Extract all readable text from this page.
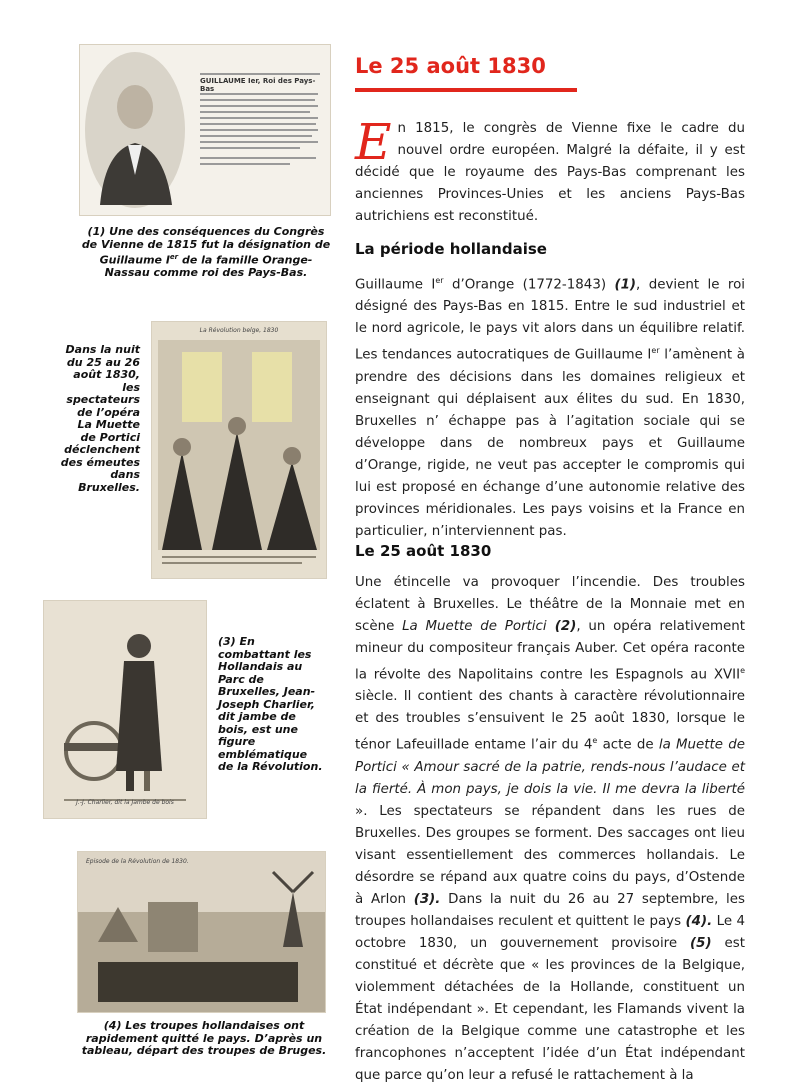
GUILLAUME Ier, Roi des Pays-Bas
La Révolution belge, 1830
J.-J. Charlier, dit la Jambe de bois
Episode de la Révolution de 1830.
(1) Une des conséquences du Congrès de Vienne de 1815 fut la désignation de Guillaume Ier de la famille Orange-Nassau comme roi des Pays-Bas.
Dans la nuit du 25 au 26 août 1830, les spectateurs de l’opéra La Muette de Portici déclenchent des émeutes dans Bruxelles.
(3) En combattant les Hollandais au Parc de Bruxelles, Jean-Joseph Charlier, dit jambe de bois, est une figure emblématique de la Révolution.
(4) Les troupes hollandaises ont rapidement quitté le pays. D’après un tableau, départ des troupes de Bruges.
Le 25 août 1830

En 1815, le congrès de Vienne fixe le cadre du nouvel ordre européen. Malgré la défaite, il y est décidé que le royaume des Pays-Bas comprenant les anciennes Provinces-Unies et les anciens Pays-Bas autrichiens est reconstitué.

La période hollandaise

Guillaume Ier d’Orange (1772-1843) (1), devient le roi désigné des Pays-Bas en 1815. Entre le sud industriel et le nord agricole, le pays vit alors dans un équilibre relatif. Les tendances autocratiques de Guillaume Ier l’amènent à prendre des décisions dans les domaines religieux et enseignant qui déplaisent aux élites du sud. En 1830, Bruxelles n’ échappe pas à l’agitation sociale qui se développe dans de nombreux pays et Guillaume d’Orange, rigide, ne veut pas accepter le compromis qui lui est proposé en échange d’une autonomie relative des provinces méridionales. Les pays voisins et la France en particulier, n’interviennent pas.

Le 25 août 1830

Une étincelle va provoquer l’incendie. Des troubles éclatent à Bruxelles. Le théâtre de la Monnaie met en scène La Muette de Portici (2), un opéra relativement mineur du compositeur français Auber. Cet opéra raconte la révolte des Napolitains contre les Espagnols au XVIIe siècle. Il contient des chants à caractère révolutionnaire et des troubles s’ensuivent le 25 août 1830, lorsque le ténor Lafeuillade entame l’air du 4e acte de la Muette de Portici « Amour sacré de la patrie, rends-nous l’audace et la fierté. À mon pays, je dois la vie. Il me devra la liberté ». Les spectateurs se répandent dans les rues de Bruxelles. Des groupes se forment. Des saccages ont lieu visant essentiellement des commerces hollandais. Le désordre se répand aux quatre coins du pays, d’Ostende à Arlon (3). Dans la nuit du 26 au 27 septembre, les troupes hollandaises reculent et quittent le pays (4). Le 4 octobre 1830, un gouvernement provisoire (5) est constitué et décrète que « les provinces de la Belgique, violemment détachées de la Hollande, constituent un État indépendant ». Et cependant, les Flamands vivent la création de la Belgique comme une catastrophe et les francophones n’acceptent l’idée d’un État indépendant que parce qu’on leur a refusé le rattachement à la
